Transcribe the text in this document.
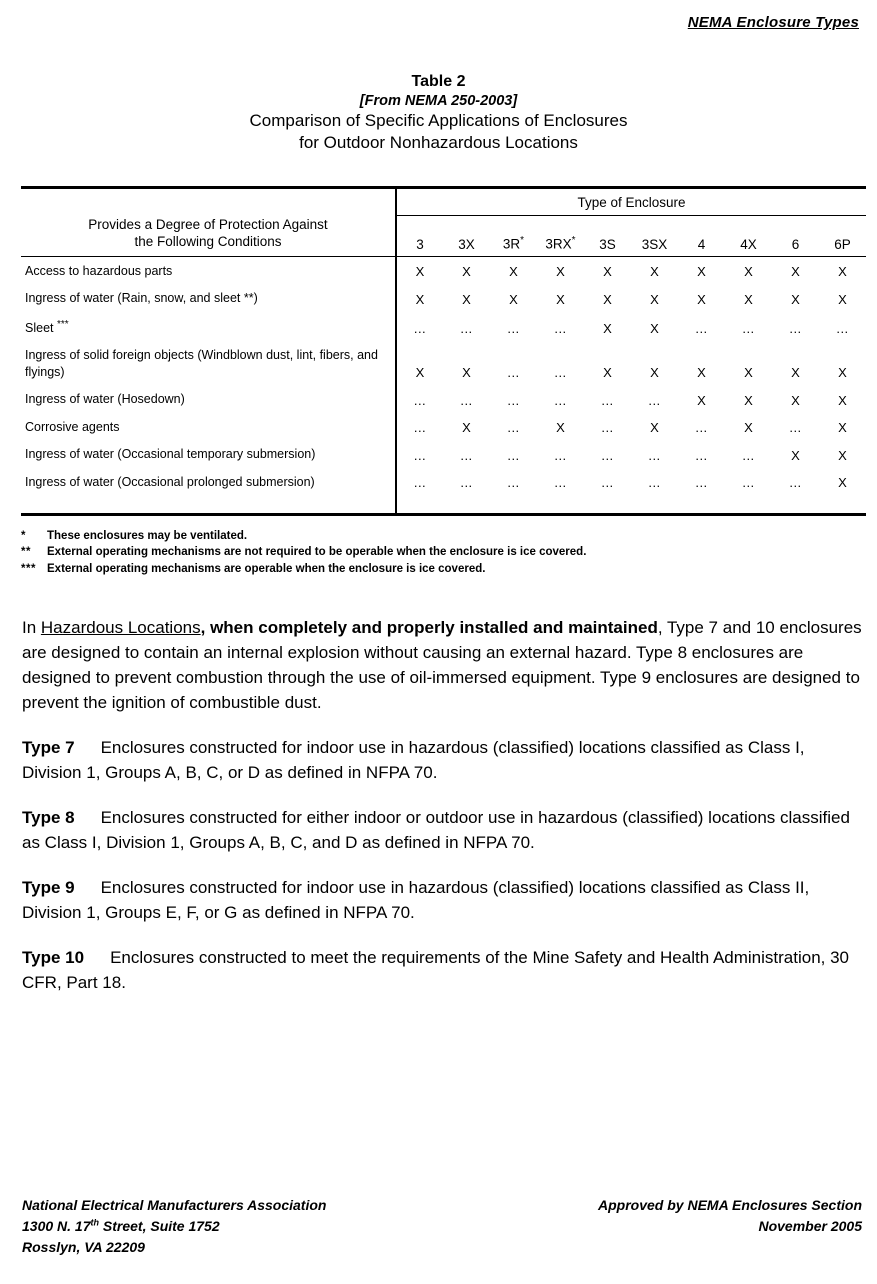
NEMA Enclosure Types
Table 2
[From NEMA 250-2003]
Comparison of Specific Applications of Enclosures
for Outdoor Nonhazardous Locations
	Type of Enclosure									
Provides a Degree of Protection Against
the Following Conditions	3	3X	3R*	3RX*	3S	3SX	4	4X	6	6P
Access to hazardous parts	X	X	X	X	X	X	X	X	X	X
Ingress of water (Rain, snow, and sleet **)	X	X	X	X	X	X	X	X	X	X
Sleet ***	...	...	...	...	X	X	...	...	...	...
Ingress of solid foreign objects (Windblown dust, lint, fibers, and flyings)	X	X	...	...	X	X	X	X	X	X
Ingress of water (Hosedown)	...	...	...	...	...	...	X	X	X	X
Corrosive agents	...	X	...	X	...	X	...	X	...	X
Ingress of water (Occasional temporary submersion)	...	...	...	...	...	...	...	...	X	X
Ingress of water (Occasional prolonged submersion)	...	...	...	...	...	...	...	...	...	X

*	These enclosures may be ventilated.
**	External operating mechanisms are not required to be operable when the enclosure is ice covered.
*** External operating mechanisms are operable when the enclosure is ice covered.

In Hazardous Locations, when completely and properly installed and maintained, Type 7 and 10 enclosures are designed to contain an internal explosion without causing an external hazard. Type 8 enclosures are designed to prevent combustion through the use of oil-immersed equipment. Type 9 enclosures are designed to prevent the ignition of combustible dust.

Type 7 Enclosures constructed for indoor use in hazardous (classified) locations classified as Class I, Division 1, Groups A, B, C, or D as defined in NFPA 70.

Type 8 Enclosures constructed for either indoor or outdoor use in hazardous (classified) locations classified as Class I, Division 1, Groups A, B, C, and D as defined in NFPA 70.

Type 9 Enclosures constructed for indoor use in hazardous (classified) locations classified as Class II, Division 1, Groups E, F, or G as defined in NFPA 70.

Type 10 Enclosures constructed to meet the requirements of the Mine Safety and Health Administration, 30 CFR, Part 18.

National Electrical Manufacturers Association
1300 N. 17th Street, Suite 1752
Rosslyn, VA 22209
Approved by NEMA Enclosures Section
November 2005
